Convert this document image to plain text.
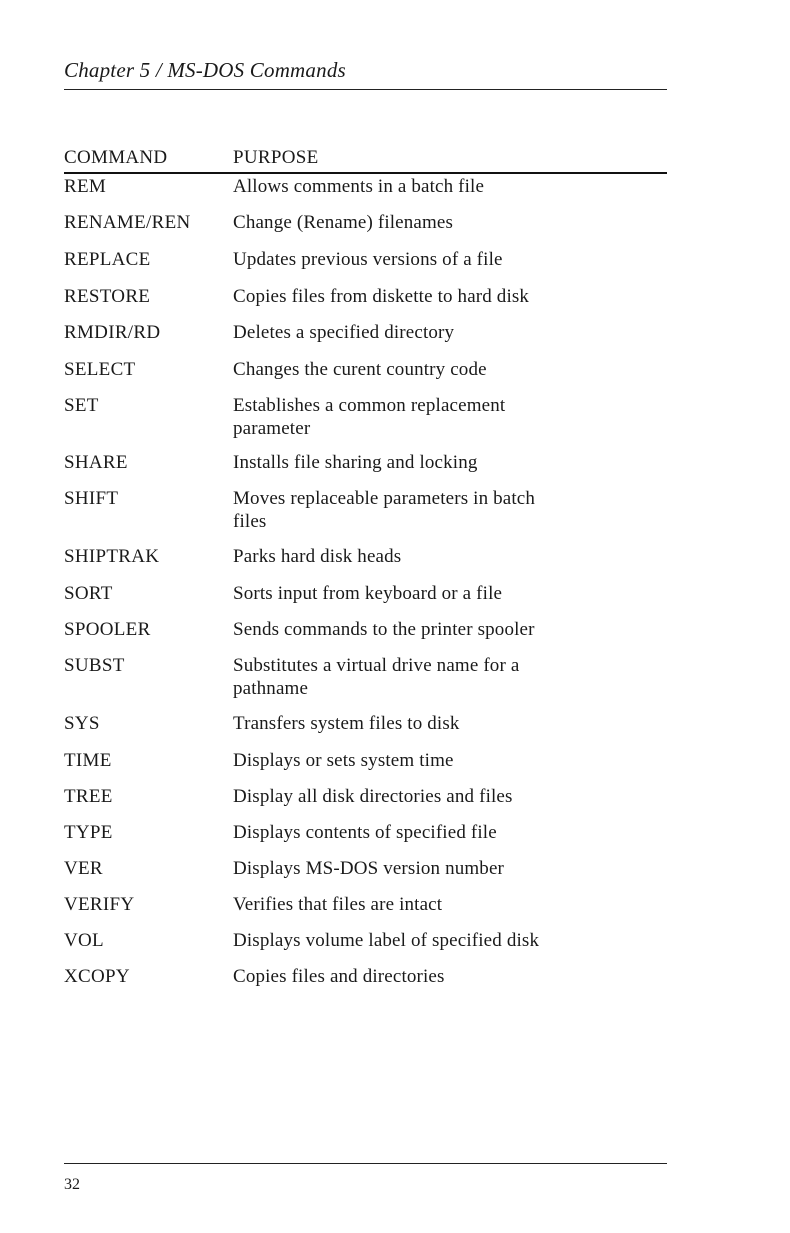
Chapter 5 / MS-DOS Commands
COMMAND	PURPOSE
REM	Allows comments in a batch file
RENAME/REN Change (Rename) filenames
REPLACE	Updates previous versions of a file
RESTORE	Copies files from diskette to hard disk
RMDIR/RD	Deletes a specified directory
SELECT	Changes the curent country code
SET	Establishes a common replacement
parameter
SHARE	Installs file sharing and locking
SHIFT	Moves replaceable parameters in batch
files
SHIPTRAK	Parks hard disk heads
SORT	Sorts input from keyboard or a file
SPOOLER	Sends commands to the printer spooler
SUBST	Substitutes a virtual drive name for a
pathname
SYS	Transfers system files to disk
TIME	Displays or sets system time
TREE	Display all disk directories and files
TYPE	Displays contents of specified file
VER	Displays MS-DOS version number
VERIFY	Verifies that files are intact
VOL	Displays volume label of specified disk
XCOPY	Copies files and directories
32
